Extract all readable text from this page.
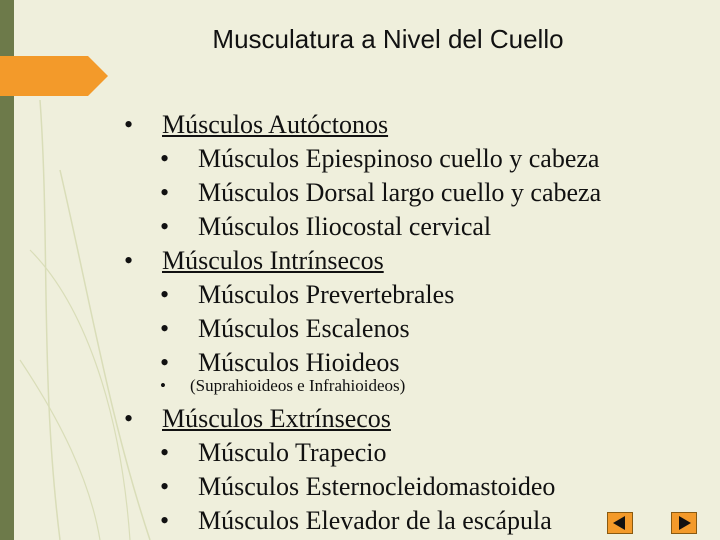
Musculatura a Nivel del Cuello
• Músculos Autóctonos
• Músculos Epiespinoso cuello y cabeza
• Músculos Dorsal largo cuello y cabeza
• Músculos Iliocostal cervical
• Músculos Intrínsecos
• Músculos Prevertebrales
• Músculos Escalenos
• Músculos Hioideos
• (Suprahioideos e Infrahioideos)
• Músculos Extrínsecos
• Músculo Trapecio
• Músculos Esternocleidomastoideo
• Músculos Elevador de la escápula
